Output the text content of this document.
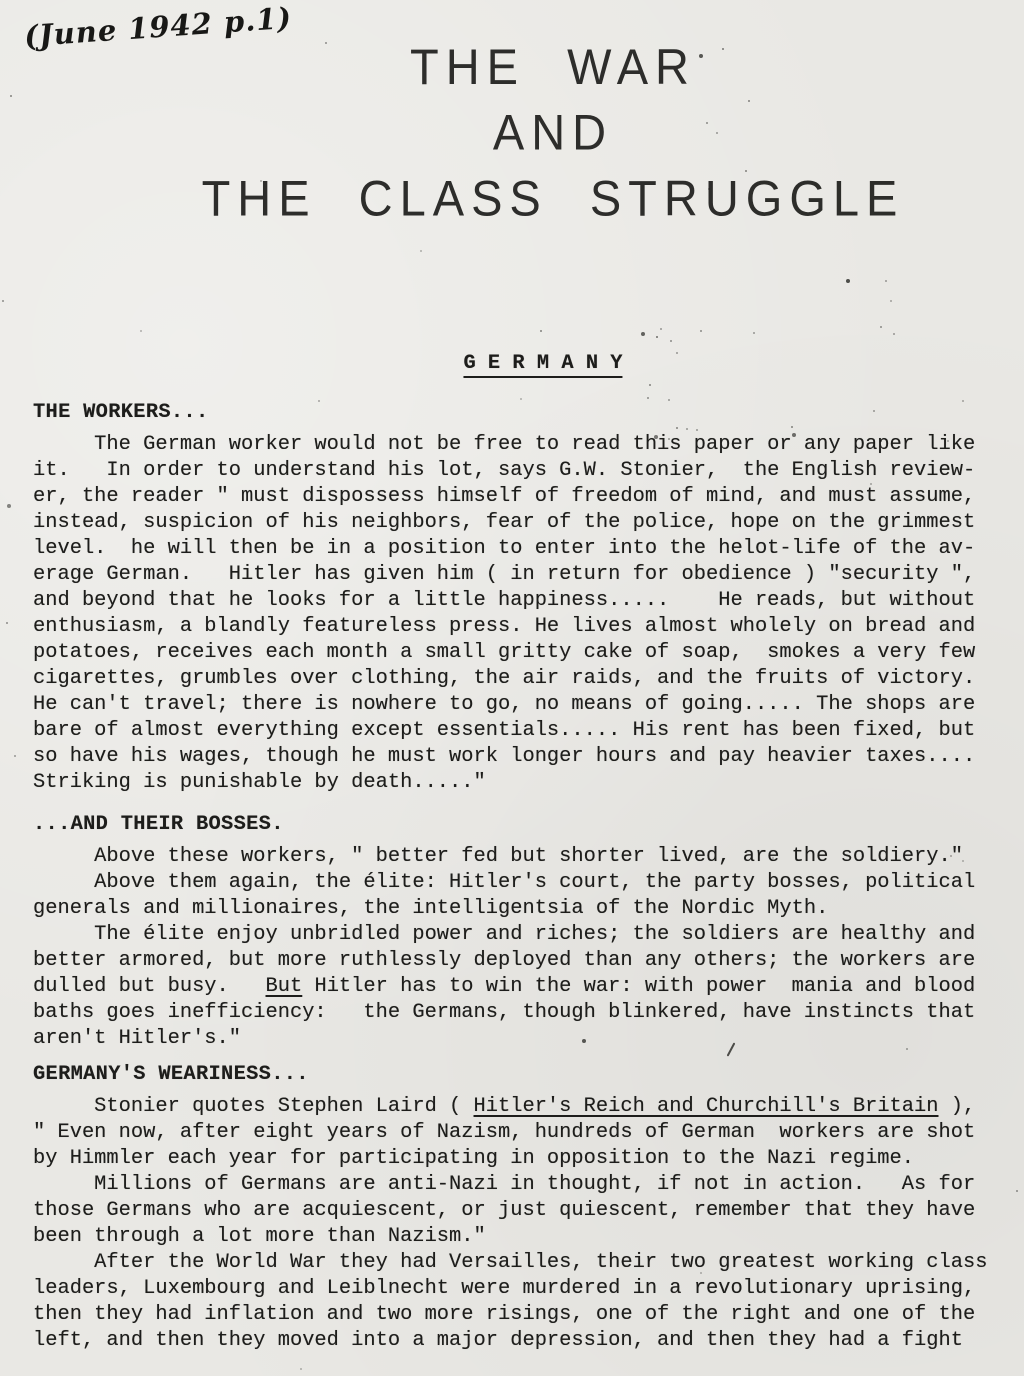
(June 1942 p.1)
THE WAR
AND
THE CLASS STRUGGLE
G E R M A N Y
THE WORKERS...
The German worker would not be free to read this paper or any paper like
it.   In order to understand his lot, says G.W. Stonier,  the English review-
er, the reader " must dispossess himself of freedom of mind, and must assume,
instead, suspicion of his neighbors, fear of the police, hope on the grimmest
level.  he will then be in a position to enter into the helot-life of the av-
erage German.   Hitler has given him ( in return for obedience ) "security ",
and beyond that he looks for a little happiness.....    He reads, but without
enthusiasm, a blandly featureless press. He lives almost wholely on bread and
potatoes, receives each month a small gritty cake of soap,  smokes a very few
cigarettes, grumbles over clothing, the air raids, and the fruits of victory.
He can't travel; there is nowhere to go, no means of going..... The shops are
bare of almost everything except essentials..... His rent has been fixed, but
so have his wages, though he must work longer hours and pay heavier taxes....
Striking is punishable by death....."
...AND THEIR BOSSES.
Above these workers, " better fed but shorter lived, are the soldiery."
Above them again, the élite: Hitler's court, the party bosses, political
generals and millionaires, the intelligentsia of the Nordic Myth.
The élite enjoy unbridled power and riches; the soldiers are healthy and
better armored, but more ruthlessly deployed than any others; the workers are
dulled but busy.   But Hitler has to win the war: with power  mania and blood
baths goes inefficiency:   the Germans, though blinkered, have instincts that
aren't Hitler's."
GERMANY'S WEARINESS...
Stonier quotes Stephen Laird ( Hitler's Reich and Churchill's Britain ),
" Even now, after eight years of Nazism, hundreds of German  workers are shot
by Himmler each year for participating in opposition to the Nazi regime.
Millions of Germans are anti-Nazi in thought, if not in action.   As for
those Germans who are acquiescent, or just quiescent, remember that they have
been through a lot more than Nazism."
After the World War they had Versailles, their two greatest working class
leaders, Luxembourg and Leiblnecht were murdered in a revolutionary uprising,
then they had inflation and two more risings, one of the right and one of the
left, and then they moved into a major depression, and then they had a fight
